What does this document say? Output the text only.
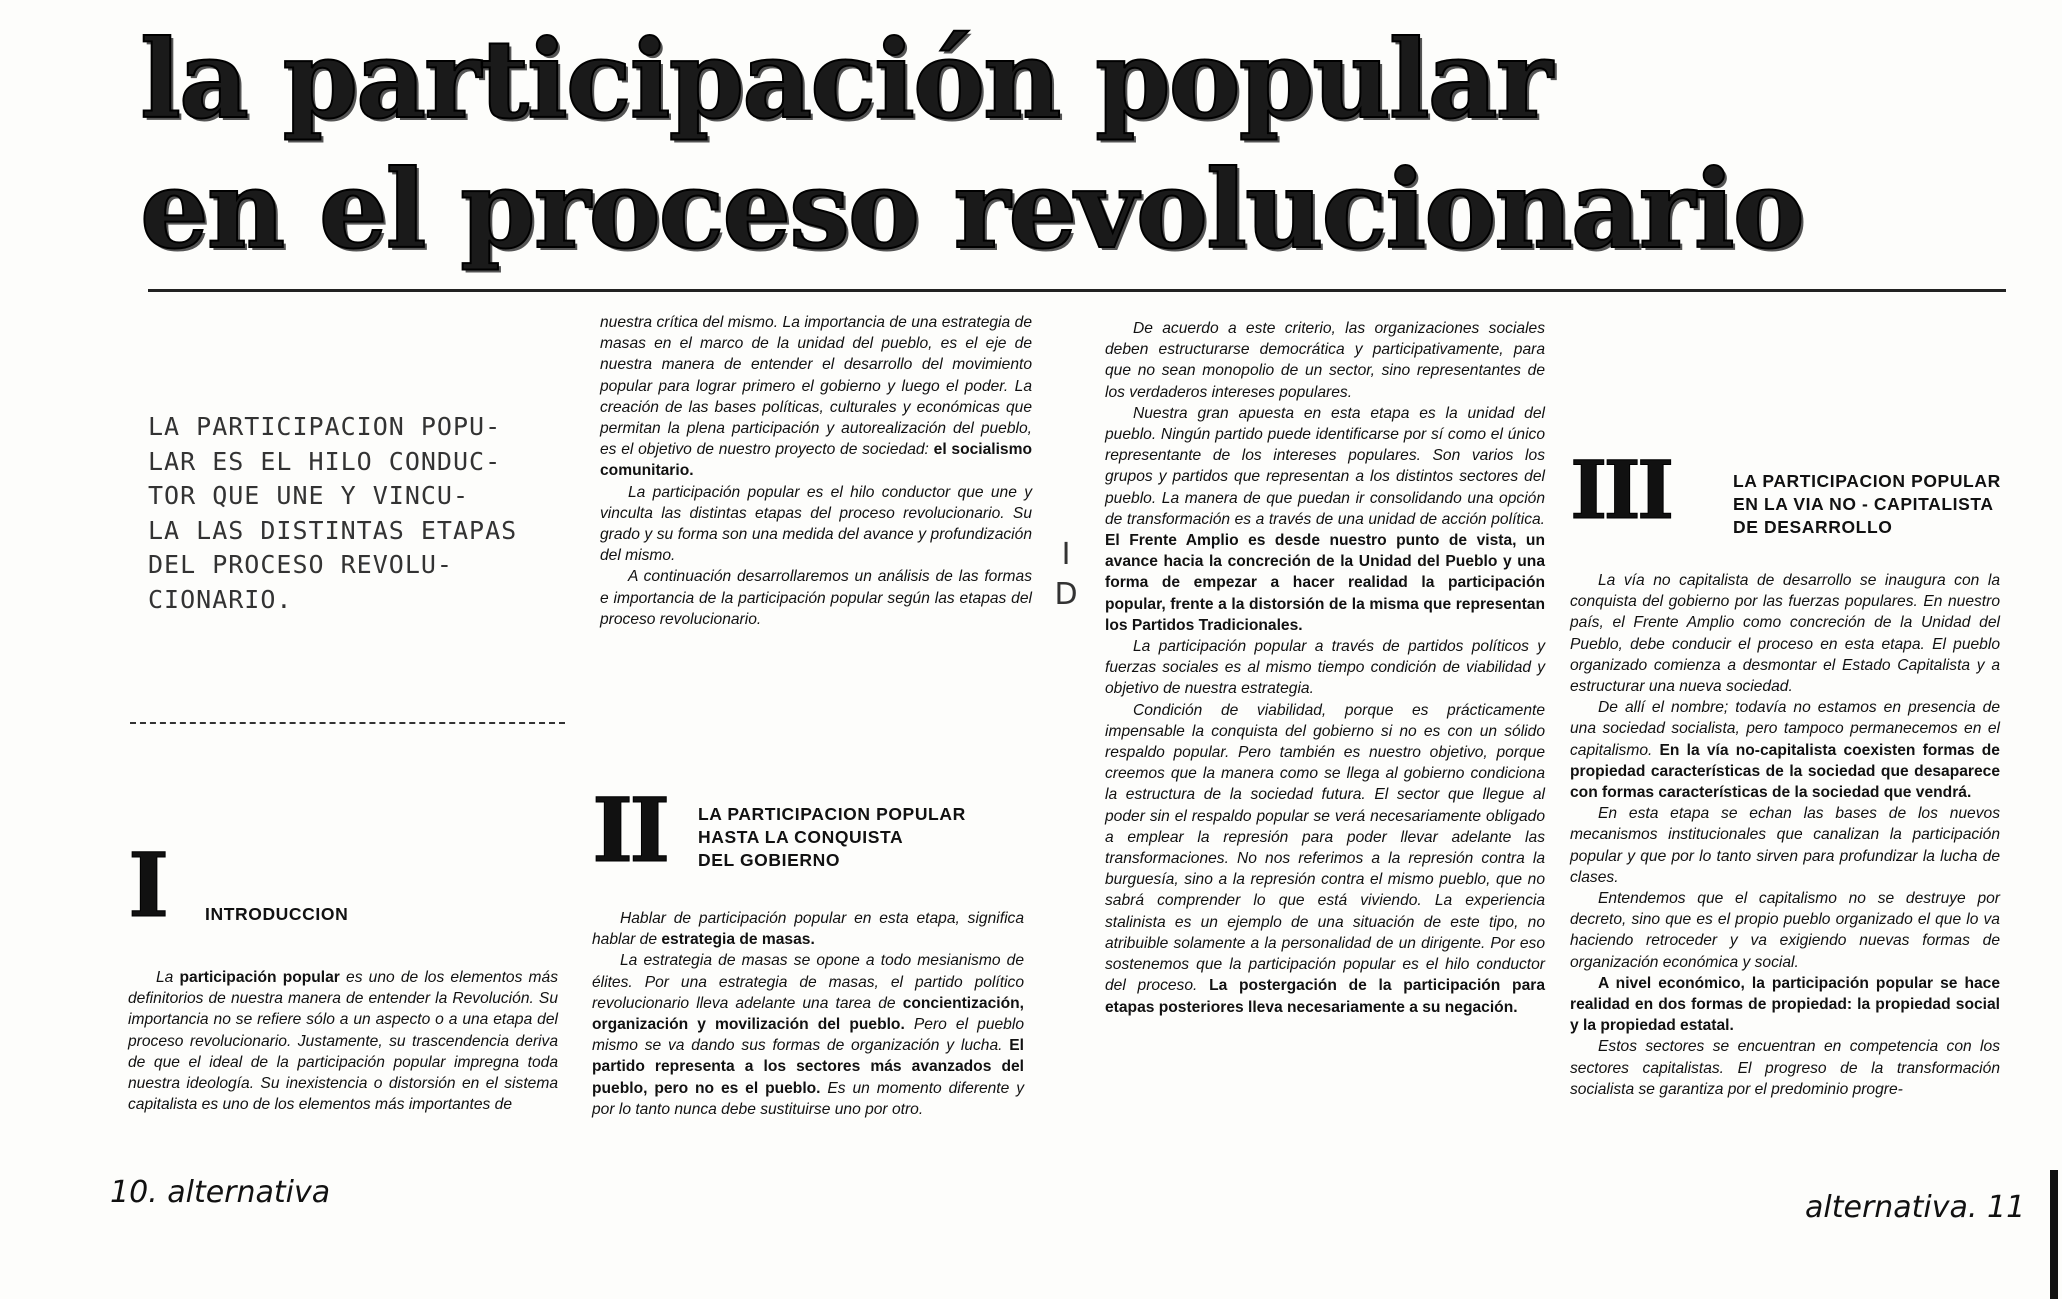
la participación popular
en el proceso revolucionario
LA PARTICIPACION POPU-
LAR ES EL HILO CONDUC-
TOR QUE UNE Y VINCU-
LA LAS DISTINTAS ETAPAS
DEL PROCESO REVOLU-
CIONARIO.
I INTRODUCCION

La participación popular es uno de los elementos más definitorios de nuestra manera de entender la Revolución. Su importancia no se refiere sólo a un aspecto o a una etapa del proceso revolucionario. Justamente, su trascendencia deriva de que el ideal de la participación popular impregna toda nuestra ideología. Su inexistencia o distorsión en el sistema capitalista es uno de los elementos más importantes de

nuestra crítica del mismo. La importancia de una estrategia de masas en el marco de la unidad del pueblo, es el eje de nuestra manera de entender el desarrollo del movimiento popular para lograr primero el gobierno y luego el poder. La creación de las bases políticas, culturales y económicas que permitan la plena participación y autorealización del pueblo, es el objetivo de nuestro proyecto de sociedad: el socialismo comunitario.

La participación popular es el hilo conductor que une y vinculta las distintas etapas del proceso revolucionario. Su grado y su forma son una medida del avance y profundización del mismo.

A continuación desarrollaremos un análisis de las formas e importancia de la participación popular según las etapas del proceso revolucionario.

II LA PARTICIPACION POPULAR
HASTA LA CONQUISTA
DEL GOBIERNO

Hablar de participación popular en esta etapa, significa hablar de estrategia de masas.

La estrategia de masas se opone a todo mesianismo de élites. Por una estrategia de masas, el partido político revolucionario lleva adelante una tarea de concientización, organización y movilización del pueblo. Pero el pueblo mismo se va dando sus formas de organización y lucha. El partido representa a los sectores más avanzados del pueblo, pero no es el pueblo. Es un momento diferente y por lo tanto nunca debe sustituirse uno por otro.

I D

De acuerdo a este criterio, las organizaciones sociales deben estructurarse democrática y participativamente, para que no sean monopolio de un sector, sino representantes de los verdaderos intereses populares.

Nuestra gran apuesta en esta etapa es la unidad del pueblo. Ningún partido puede identificarse por sí como el único representante de los intereses populares. Son varios los grupos y partidos que representan a los distintos sectores del pueblo. La manera de que puedan ir consolidando una opción de transformación es a través de una unidad de acción política. El Frente Amplio es desde nuestro punto de vista, un avance hacia la concreción de la Unidad del Pueblo y una forma de empezar a hacer realidad la participación popular, frente a la distorsión de la misma que representan los Partidos Tradicionales.

La participación popular a través de partidos políticos y fuerzas sociales es al mismo tiempo condición de viabilidad y objetivo de nuestra estrategia.

Condición de viabilidad, porque es prácticamente impensable la conquista del gobierno si no es con un sólido respaldo popular. Pero también es nuestro objetivo, porque creemos que la manera como se llega al gobierno condiciona la estructura de la sociedad futura. El sector que llegue al poder sin el respaldo popular se verá necesariamente obligado a emplear la represión para poder llevar adelante las transformaciones. No nos referimos a la represión contra la burguesía, sino a la represión contra el mismo pueblo, que no sabrá comprender lo que está viviendo. La experiencia stalinista es un ejemplo de una situación de este tipo, no atribuible solamente a la personalidad de un dirigente. Por eso sostenemos que la participación popular es el hilo conductor del proceso. La postergación de la participación para etapas posteriores lleva necesariamente a su negación.

III	LA PARTICIPACION POPULAR
EN LA VIA NO - CAPITALISTA
DE DESARROLLO

La vía no capitalista de desarrollo se inaugura con la conquista del gobierno por las fuerzas populares. En nuestro país, el Frente Amplio como concreción de la Unidad del Pueblo, debe conducir el proceso en esta etapa. El pueblo organizado comienza a desmontar el Estado Capitalista y a estructurar una nueva sociedad.

De allí el nombre; todavía no estamos en presencia de una sociedad socialista, pero tampoco permanecemos en el capitalismo. En la vía no-capitalista coexisten formas de propiedad características de la sociedad que desaparece con formas características de la sociedad que vendrá.

En esta etapa se echan las bases de los nuevos mecanismos institucionales que canalizan la participación popular y que por lo tanto sirven para profundizar la lucha de clases.

Entendemos que el capitalismo no se destruye por decreto, sino que es el propio pueblo organizado el que lo va haciendo retroceder y va exigiendo nuevas formas de organización económica y social.

A nivel económico, la participación popular se hace realidad en dos formas de propiedad: la propiedad social y la propiedad estatal.

Estos sectores se encuentran en competencia con los sectores capitalistas. El progreso de la transformación socialista se garantiza por el predominio progre-

10. alternativa	alternativa. 11
